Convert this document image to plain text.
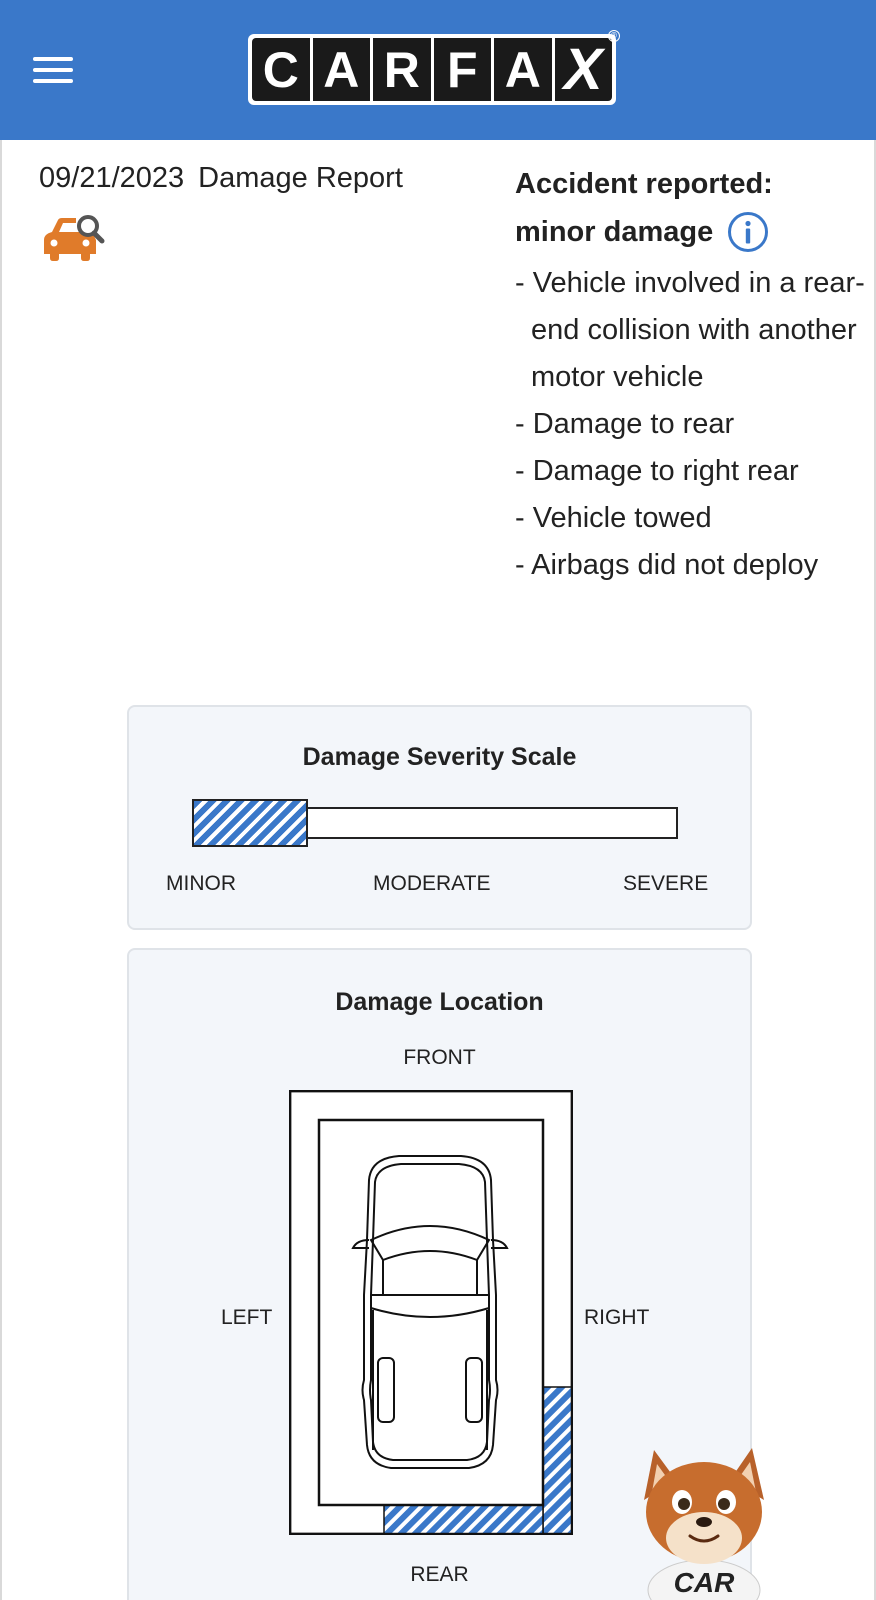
C A R F A X
®
09/21/2023 Damage Report	Accident reported:
minor damage
- Vehicle involved in a rear-end collision with another motor vehicle
- Damage to rear
- Damage to right rear
- Vehicle towed
- Airbags did not deploy
Damage Severity Scale
MINOR	MODERATE	SEVERE
Damage Location
FRONT
LEFT	RIGHT
REAR	CAR
